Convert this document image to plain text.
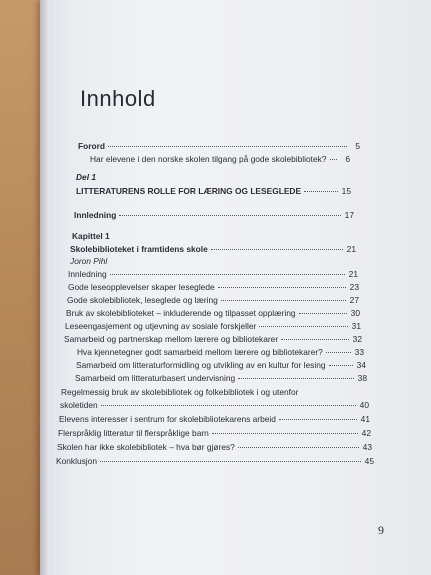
Innhold
Forord	5
Har elevene i den norske skolen tilgang på gode skolebibliotek?	6
Del 1
LITTERATURENS ROLLE FOR LÆRING OG LESEGLEDE	15
Innledning	17
Kapittel 1
Skolebiblioteket i framtidens skole	21
Joron Pihl
Innledning	21
Gode leseopplevelser skaper leseglede	23
Gode skolebibliotek, leseglede og læring	27
Bruk av skolebiblioteket – inkluderende og tilpasset opplæring	30
Leseengasjement og utjevning av sosiale forskjeller	31
Samarbeid og partnerskap mellom lærere og bibliotekarer	32
Hva kjennetegner godt samarbeid mellom lærere og bibliotekarer?	33
Samarbeid om litteraturformidling og utvikling av en kultur for lesing	34
Samarbeid om litteraturbasert undervisning	38
Regelmessig bruk av skolebibliotek og folkebibliotek i og utenfor
skoletiden	40
Elevens interesser i sentrum for skolebibliotekarens arbeid	41
Flerspråklig litteratur til flerspråklige barn	42
Skolen har ikke skolebibliotek – hva bør gjøres?	43
Konklusjon	45
9
